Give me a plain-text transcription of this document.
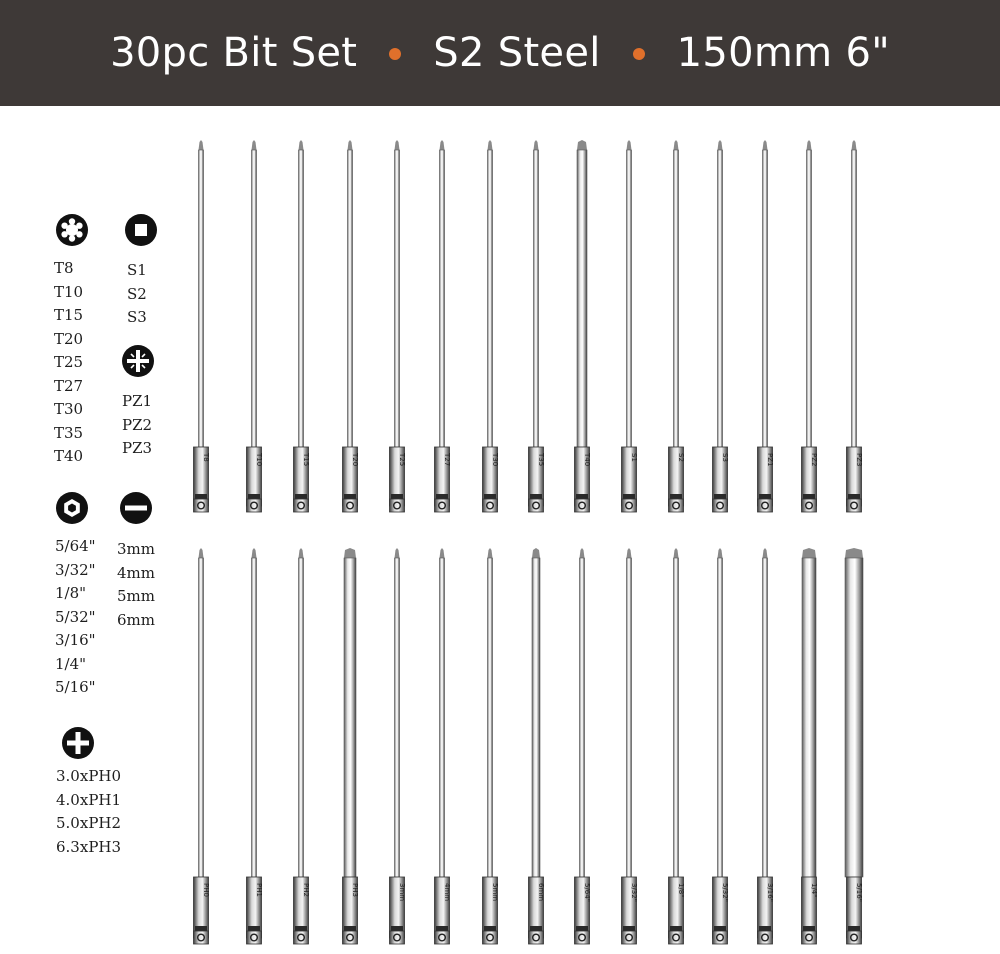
30pc Bit Set S2 Steel 150mm 6"
T8
T10
T15
T20
T25
T27
T30
T35
T40
S1
S2
S3
PZ1
PZ2
PZ3
5/64"
3/32"
1/8"
5/32"
3/16"
1/4"
5/16"
3mm
4mm
5mm
6mm
3.0xPH0
4.0xPH1
5.0xPH2
6.3xPH3
T8	T10	T15	T20	T25	T27	T30	T35	T40	S1	S2	S3	PZ1	PZ2	PZ3
PH0	PH1	PH2	PH3	3mm	4mm	5mm	6mm	5/64"	3/32"	1/8"	5/32"	3/16"	1/4"	5/16"
